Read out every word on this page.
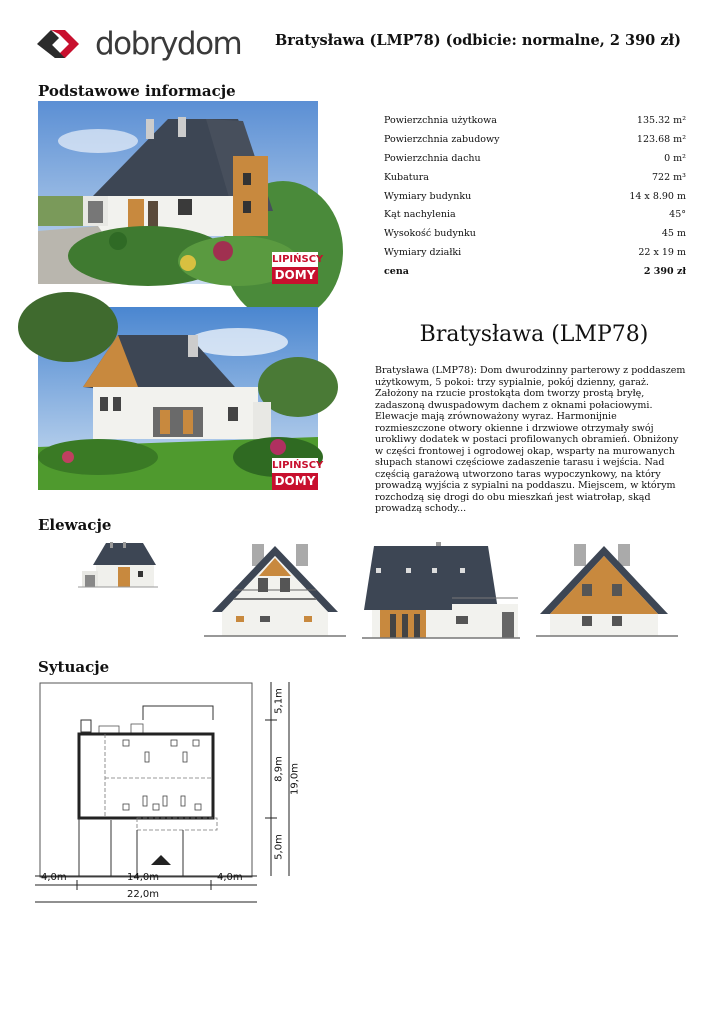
dobrydom Bratysława (LMP78) (odbicie: normalne, 2 390 zł)
Podstawowe informacje
LIPIŃSCY
DOMY
Powierzchnia użytkowa	135.32 m²
Powierzchnia zabudowy	123.68 m²
Powierzchnia dachu	0 m²
Kubatura	722 m³
Wymiary budynku	14 x 8.90 m
Kąt nachylenia	45°
Wysokość budynku	45 m
Wymiary działki	22 x 19 m
cena	2 390 zł
LIPIŃSCY
DOMY
Bratysława (LMP78)
Bratysława (LMP78): Dom dwurodzinny parterowy z poddaszem użytkowym, 5 pokoi: trzy sypialnie, pokój dzienny, garaż. Założony na rzucie prostokąta dom tworzy prostą bryłę, zadaszoną dwuspadowym dachem z oknami połaciowymi. Elewacje mają zrównoważony wyraz. Harmonijnie rozmieszczone otwory okienne i drzwiowe otrzymały swój urokliwy dodatek w postaci profilowanych obramień. Obniżony w części frontowej i ogrodowej okap, wsparty na murowanych słupach stanowi częściowe zadaszenie tarasu i wejścia. Nad częścią garażową utworzono taras wypoczynkowy, na który prowadzą wyjścia z sypialni na poddaszu. Miejscem, w którym rozchodzą się drogi do obu mieszkań jest wiatrołap, skąd prowadzą schody...
Elewacje
Sytuacje
5,1m
8,9m
5,0m
19,0m
4,0m	14,0m	4,0m
22,0m
